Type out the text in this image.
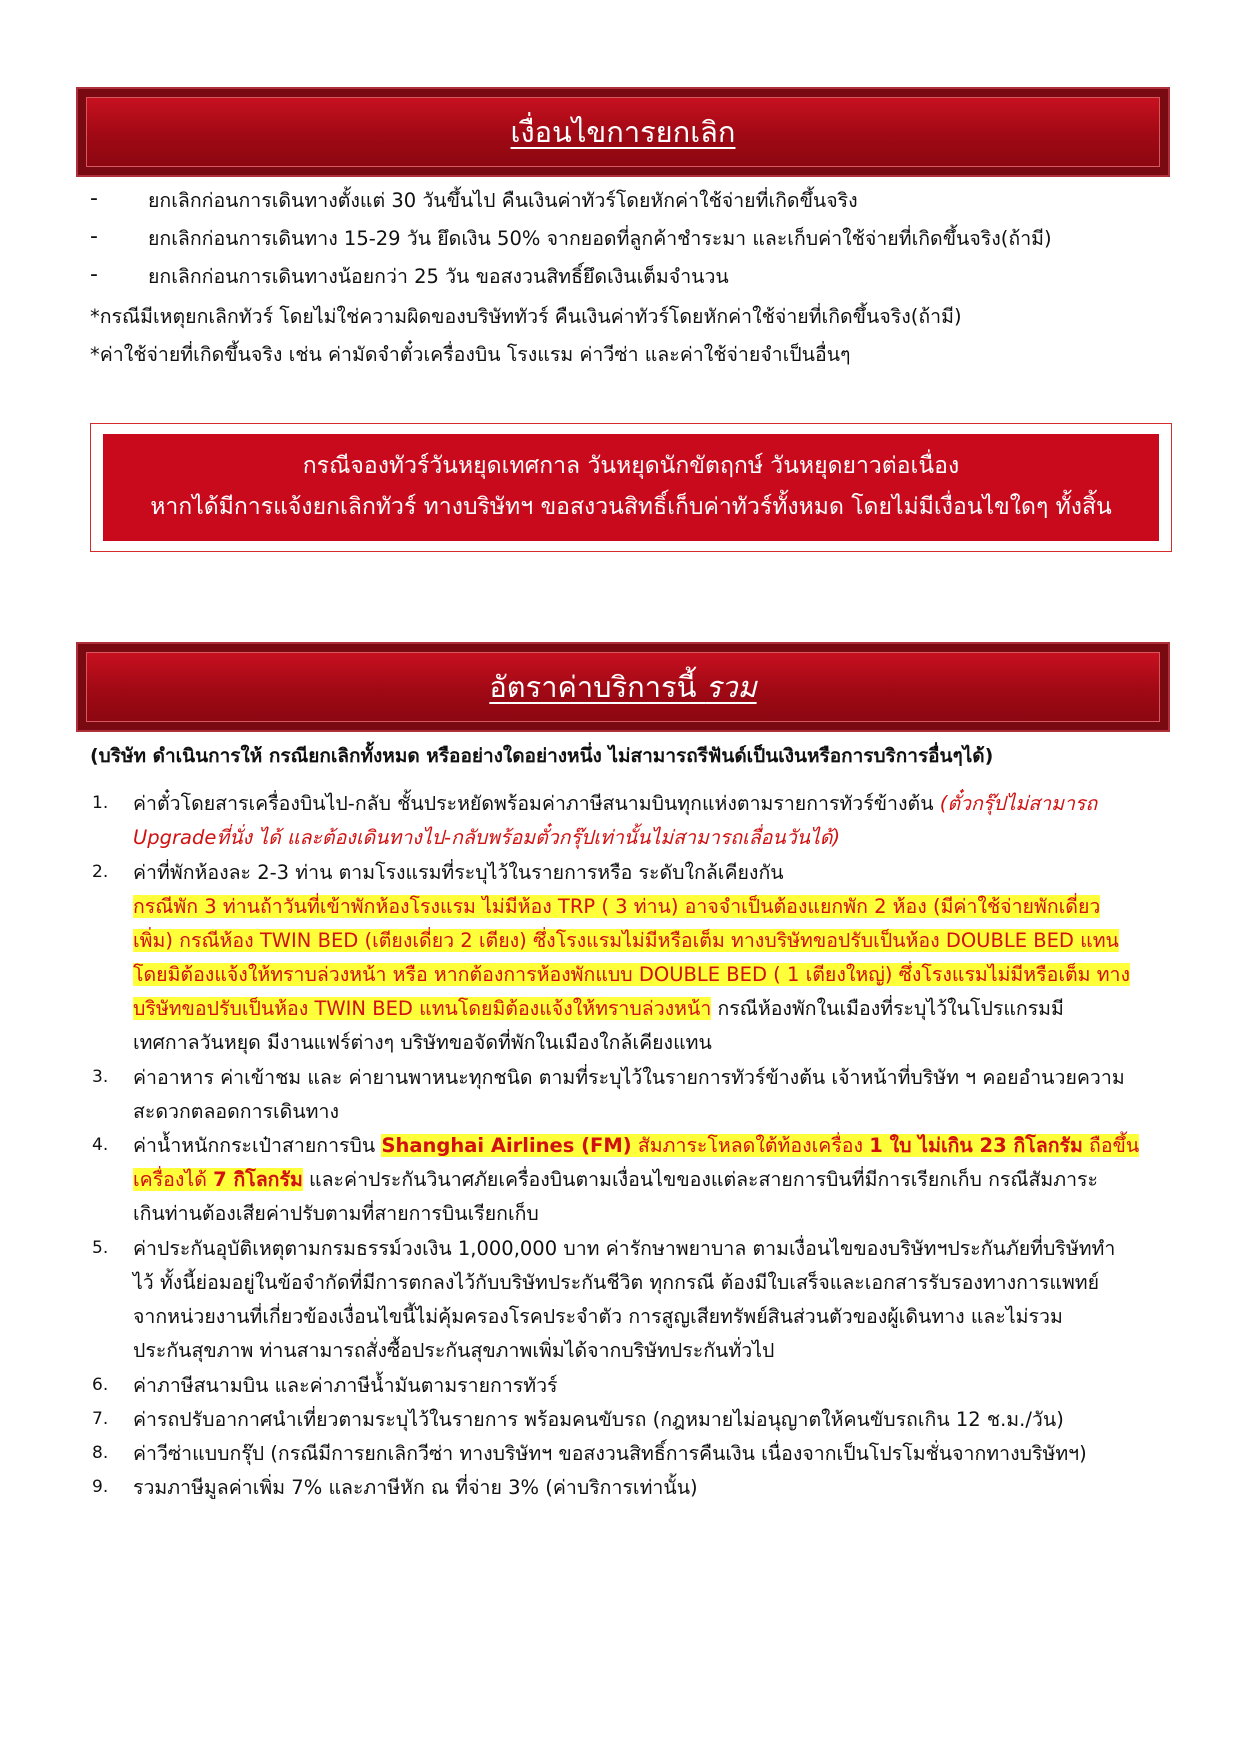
เงื่อนไขการยกเลิก
-	ยกเลิกก่อนการเดินทางตั้งแต่ 30 วันขึ้นไป คืนเงินค่าทัวร์โดยหักค่าใช้จ่ายที่เกิดขึ้นจริง
-	ยกเลิกก่อนการเดินทาง 15-29 วัน ยึดเงิน 50% จากยอดที่ลูกค้าชำระมา และเก็บค่าใช้จ่ายที่เกิดขึ้นจริง(ถ้ามี)
-	ยกเลิกก่อนการเดินทางน้อยกว่า 25 วัน ขอสงวนสิทธิ์ยึดเงินเต็มจำนวน
*กรณีมีเหตุยกเลิกทัวร์ โดยไม่ใช่ความผิดของบริษัททัวร์ คืนเงินค่าทัวร์โดยหักค่าใช้จ่ายที่เกิดขึ้นจริง(ถ้ามี)
*ค่าใช้จ่ายที่เกิดขึ้นจริง เช่น ค่ามัดจำตั๋วเครื่องบิน โรงแรม ค่าวีซ่า และค่าใช้จ่ายจำเป็นอื่นๆ
กรณีจองทัวร์วันหยุดเทศกาล วันหยุดนักขัตฤกษ์ วันหยุดยาวต่อเนื่อง
หากได้มีการแจ้งยกเลิกทัวร์ ทางบริษัทฯ ขอสงวนสิทธิ์เก็บค่าทัวร์ทั้งหมด โดยไม่มีเงื่อนไขใดๆ ทั้งสิ้น
อัตราค่าบริการนี้ รวม
(บริษัท ดำเนินการให้ กรณียกเลิกทั้งหมด หรืออย่างใดอย่างหนึ่ง ไม่สามารถรีฟันด์เป็นเงินหรือการบริการอื่นๆได้)
1. ค่าตั๋วโดยสารเครื่องบินไป-กลับ ชั้นประหยัดพร้อมค่าภาษีสนามบินทุกแห่งตามรายการทัวร์ข้างต้น (ตั๋วกรุ๊ปไม่สามารถ
Upgradeที่นั่ง ได้ และต้องเดินทางไป-กลับพร้อมตั๋วกรุ๊ปเท่านั้นไม่สามารถเลื่อนวันได้)
2. ค่าที่พักห้องละ 2-3 ท่าน ตามโรงแรมที่ระบุไว้ในรายการหรือ ระดับใกล้เคียงกัน
กรณีพัก 3 ท่านถ้าวันที่เข้าพักห้องโรงแรม ไม่มีห้อง TRP ( 3 ท่าน) อาจจำเป็นต้องแยกพัก 2 ห้อง (มีค่าใช้จ่ายพักเดี่ยว
เพิ่ม) กรณีห้อง TWIN BED (เตียงเดี่ยว 2 เตียง) ซึ่งโรงแรมไม่มีหรือเต็ม ทางบริษัทขอปรับเป็นห้อง DOUBLE BED แทน
โดยมิต้องแจ้งให้ทราบล่วงหน้า หรือ หากต้องการห้องพักแบบ DOUBLE BED ( 1 เตียงใหญ่) ซึ่งโรงแรมไม่มีหรือเต็ม ทาง
บริษัทขอปรับเป็นห้อง TWIN BED แทนโดยมิต้องแจ้งให้ทราบล่วงหน้า กรณีห้องพักในเมืองที่ระบุไว้ในโปรแกรมมี
เทศกาลวันหยุด มีงานแฟร์ต่างๆ บริษัทขอจัดที่พักในเมืองใกล้เคียงแทน
3. ค่าอาหาร ค่าเข้าชม และ ค่ายานพาหนะทุกชนิด ตามที่ระบุไว้ในรายการทัวร์ข้างต้น เจ้าหน้าที่บริษัท ฯ คอยอำนวยความ
สะดวกตลอดการเดินทาง
4. ค่าน้ำหนักกระเป๋าสายการบิน Shanghai Airlines (FM) สัมภาระโหลดใต้ท้องเครื่อง 1 ใบ ไม่เกิน 23 กิโลกรัม ถือขึ้น
เครื่องได้ 7 กิโลกรัม และค่าประกันวินาศภัยเครื่องบินตามเงื่อนไขของแต่ละสายการบินที่มีการเรียกเก็บ กรณีสัมภาระ
เกินท่านต้องเสียค่าปรับตามที่สายการบินเรียกเก็บ
5. ค่าประกันอุบัติเหตุตามกรมธรรม์วงเงิน 1,000,000 บาท ค่ารักษาพยาบาล ตามเงื่อนไขของบริษัทฯประกันภัยที่บริษัททำ
ไว้ ทั้งนี้ย่อมอยู่ในข้อจำกัดที่มีการตกลงไว้กับบริษัทประกันชีวิต ทุกกรณี ต้องมีใบเสร็จและเอกสารรับรองทางการแพทย์
จากหน่วยงานที่เกี่ยวข้องเงื่อนไขนี้ไม่คุ้มครองโรคประจำตัว การสูญเสียทรัพย์สินส่วนตัวของผู้เดินทาง และไม่รวม
ประกันสุขภาพ ท่านสามารถสั่งซื้อประกันสุขภาพเพิ่มได้จากบริษัทประกันทั่วไป
6. ค่าภาษีสนามบิน และค่าภาษีน้ำมันตามรายการทัวร์
7. ค่ารถปรับอากาศนำเที่ยวตามระบุไว้ในรายการ พร้อมคนขับรถ (กฎหมายไม่อนุญาตให้คนขับรถเกิน 12 ช.ม./วัน)
8. ค่าวีซ่าแบบกรุ๊ป (กรณีมีการยกเลิกวีซ่า ทางบริษัทฯ ขอสงวนสิทธิ์การคืนเงิน เนื่องจากเป็นโปรโมชั่นจากทางบริษัทฯ)
9. รวมภาษีมูลค่าเพิ่ม 7% และภาษีหัก ณ ที่จ่าย 3% (ค่าบริการเท่านั้น)
